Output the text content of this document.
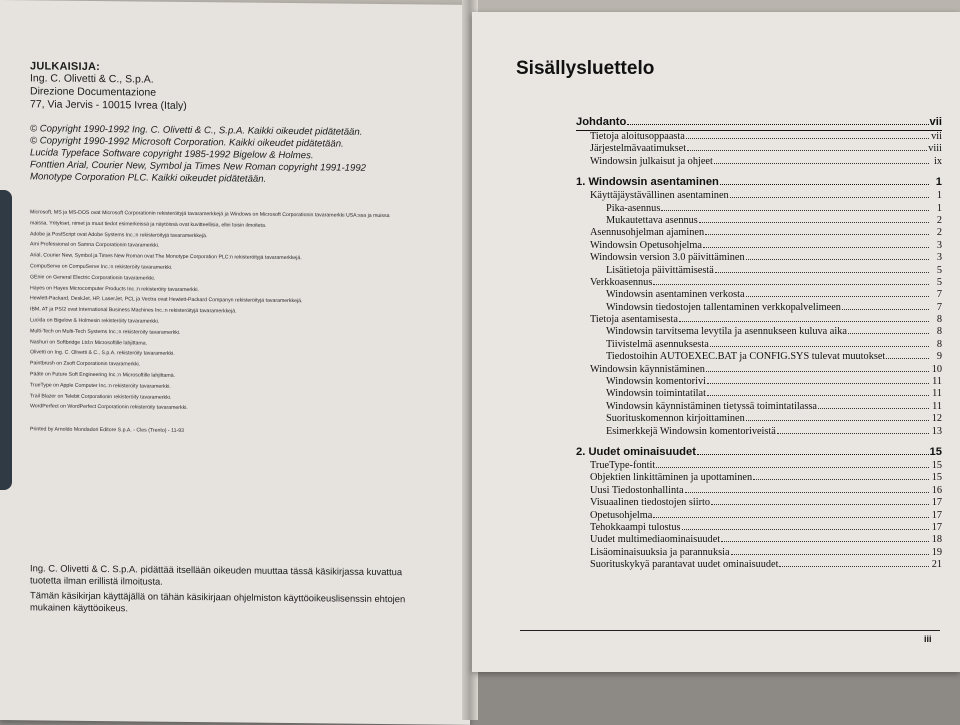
JULKAISIJA:
Ing. C. Olivetti & C., S.p.A.
Direzione Documentazione
77, Via Jervis - 10015 Ivrea (Italy)
© Copyright 1990-1992 Ing. C. Olivetti & C., S.p.A. Kaikki oikeudet pidätetään.
© Copyright 1990-1992 Microsoft Corporation. Kaikki oikeudet pidätetään.
Lucida Typeface Software copyright 1985-1992 Bigelow & Holmes.
Fonttien Arial, Courier New, Symbol ja Times New Roman copyright 1991-1992
Monotype Corporation PLC. Kaikki oikeudet pidätetään.
Microsoft, MS ja MS-DOS ovat Microsoft Corporationin rekisteröityjä tavaramerkkejä ja Windows on Microsoft Corporationin tavaramerkki USA:ssa ja muissa
maissa. Yritykset, nimet ja muut tiedot esimerkeissä ja näytöissä ovat kuvitteellisia, ellei toisin ilmoiteta.
Adobe ja PostScript ovat Adobe Systems Inc.:n rekisteröityjä tavaramerkkejä.
Ami Professional on Samna Corporationin tavaramerkki.
Arial, Courier New, Symbol ja Times New Roman ovat The Monotype Corporation PLC:n rekisteröityjä tavaramerkkejä.
CompuServe on CompuServe Inc.:n rekisteröity tavaramerkki.
GEnie on General Electric Corporationin tavaramerkki.
Hayes on Hayes Microcomputer Products Inc.:n rekisteröity tavaramerkki.
Hewlett-Packard, DeskJet, HP, LaserJet, PCL ja Vectra ovat Hewlett-Packard Companyn rekisteröityjä tavaramerkkejä.
IBM, AT ja PS/2 ovat International Business Machines Inc.:n rekisteröityjä tavaramerkkejä.
Lucida on Bigelow & Holmesin rekisteröity tavaramerkki.
Multi-Tech on Multi-Tech Systems Inc.:n rekisteröity tavaramerkki.
Nashuri on Softbridge Ltd:n Microsoftille lahjittama.
Olivetti on Ing. C. Olivetti & C., S.p.A. rekisteröity tavaramerkki.
Paintbrush on Zsoft Corporationin tavaramerkki.
Pääte on Future Soft Engineering Inc.:n Microsoftille lahjittamä.
TrueType on Apple Computer Inc.:n rekisteröity tavaramerkki.
Trail Blazer on Telebit Corporationin rekisteröity tavaramerkki.
WordPerfect on WordPerfect Corporationin rekisteröity tavaramerkki.
Printed by Arnoldo Mondadori Editore S.p.A. - Cles (Trento) - 11-93

Ing. C. Olivetti & C. S.p.A. pidättää itsellään oikeuden muuttaa tässä käsikirjassa kuvattua tuotetta ilman erillistä ilmoitusta.

Tämän käsikirjan käyttäjällä on tähän käsikirjaan ohjelmiston käyttöoikeuslisenssin ehtojen mukainen käyttöoikeus.

Sisällysluettelo
Johdanto	vii
Tietoja aloitusoppaasta	vii
Järjestelmävaatimukset	viii
Windowsin julkaisut ja ohjeet	ix
1. Windowsin asentaminen	1
Käyttäjäystävällinen asentaminen	1
Pika-asennus	1
Mukautettava asennus	2
Asennusohjelman ajaminen	2
Windowsin Opetusohjelma	3
Windowsin version 3.0 päivittäminen	3
Lisätietoja päivittämisestä	5
Verkkoasennus	5
Windowsin asentaminen verkosta	7
Windowsin tiedostojen tallentaminen verkkopalvelimeen	7
Tietoja asentamisesta	8
Windowsin tarvitsema levytila ja asennukseen kuluva aika	8
Tiivistelmä asennuksesta	8
Tiedostoihin AUTOEXEC.BAT ja CONFIG.SYS tulevat muutokset	9
Windowsin käynnistäminen	10
Windowsin komentorivi	11
Windowsin toimintatilat	11
Windowsin käynnistäminen tietyssä toimintatilassa	11
Suorituskomennon kirjoittaminen	12
Esimerkkejä Windowsin komentoriveistä	13
2. Uudet ominaisuudet	15
TrueType-fontit	15
Objektien linkittäminen ja upottaminen	15
Uusi Tiedostonhallinta	16
Visuaalinen tiedostojen siirto	17
Opetusohjelma	17
Tehokkaampi tulostus	17
Uudet multimediaominaisuudet	18
Lisäominaisuuksia ja parannuksia	19
Suorituskykyä parantavat uudet ominaisuudet	21
iii
